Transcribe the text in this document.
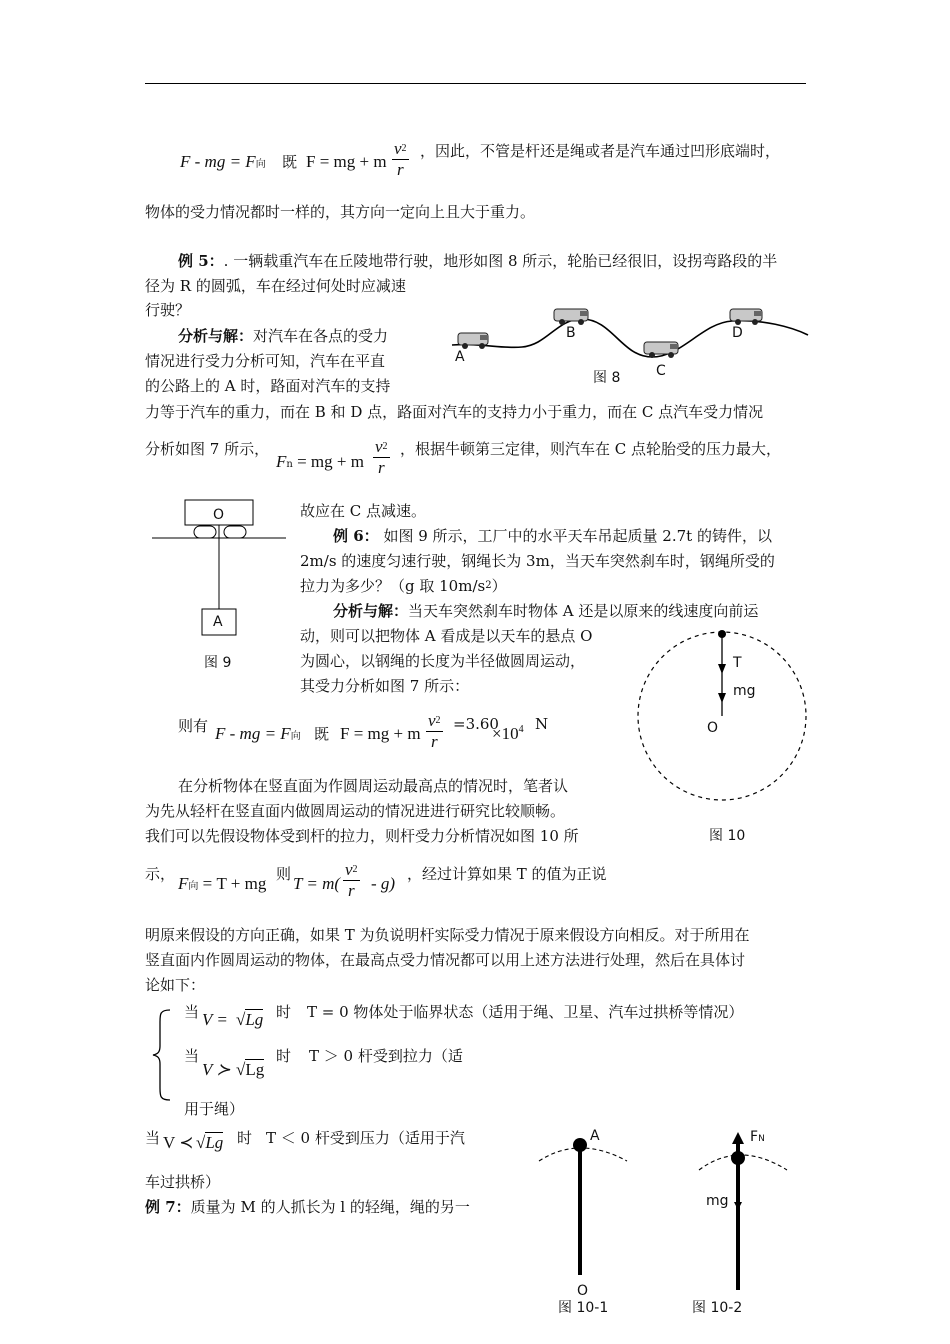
F - mg = F向 既 F = mg + m $\frac{v^2}{r}$ ，因此，不管是杆还是绳或者是汽车通过凹形底端时，
物体的受力情况都时一样的，其方向一定向上且大于重力。
例 5：. 一辆载重汽车在丘陵地带行驶，地形如图 8 所示，轮胎已经很旧，设拐弯路段的半
径为 R 的圆弧，车在经过何处时应减速
行驶？
分析与解：对汽车在各点的受力
情况进行受力分析可知，汽车在平直
的公路上的 A 时，路面对汽车的支持
力等于汽车的重力，而在 B 和 D 点，路面对汽车的支持力小于重力，而在 C 点汽车受力情况
分析如图 7 所示，
Fn = mg + m $\frac{v^2}{r}$ ，根据牛顿第三定律，则汽车在 C 点轮胎受的压力最大，
故应在 C 点减速。
A
B
C
D
图 8
O
A
图 9
例 6： 如图 9 所示，工厂中的水平天车吊起质量 2.7t 的铸件，以
2m/s 的速度匀速行驶，钢绳长为 3m，当天车突然刹车时，钢绳所受的
拉力为多少？（g 取 $10m/s^2$）
分析与解：当天车突然刹车时物体 A 还是以原来的线速度向前运
动，则可以把物体 A 看成是以天车的悬点 O
为圆心，以钢绳的长度为半径做圆周运动，
其受力分析如图 7 所示：
则有 F - mg = F向 既 F = mg + m $\frac{v^2}{r} =3.60$
$\times 10^4$ N
T
mg
O
图 10
在分析物体在竖直面为作圆周运动最高点的情况时，笔者认
为先从轻杆在竖直面内做圆周运动的情况进进行研究比较顺畅。
我们可以先假设物体受到杆的拉力，则杆受力分析情况如图 10 所
示， F向 = T + mg 则 $T = m( \frac{v^2}{r} - g)$ ，经过计算如果 T 的值为正说
明原来假设的方向正确，如果 T 为负说明杆实际受力情况于原来假设方向相反。对于所用在
竖直面内作圆周运动的物体，在最高点受力情况都可以用上述方法进行处理，然后在具体讨
论如下：
当 V = √Lg 时 T = 0 物体处于临界状态（适用于绳、卫星、汽车过拱桥等情况）
当
V ≻ √Lg
时 T ＞ 0 杆受到拉力（适
用于绳）
当 V ≺ √Lg 时 T ＜ 0 杆受到压力（适用于汽
车过拱桥）
例 7：质量为 M 的人抓长为 l 的轻绳，绳的另一
A
O
图 10-1
FN
mg
图 10-2
